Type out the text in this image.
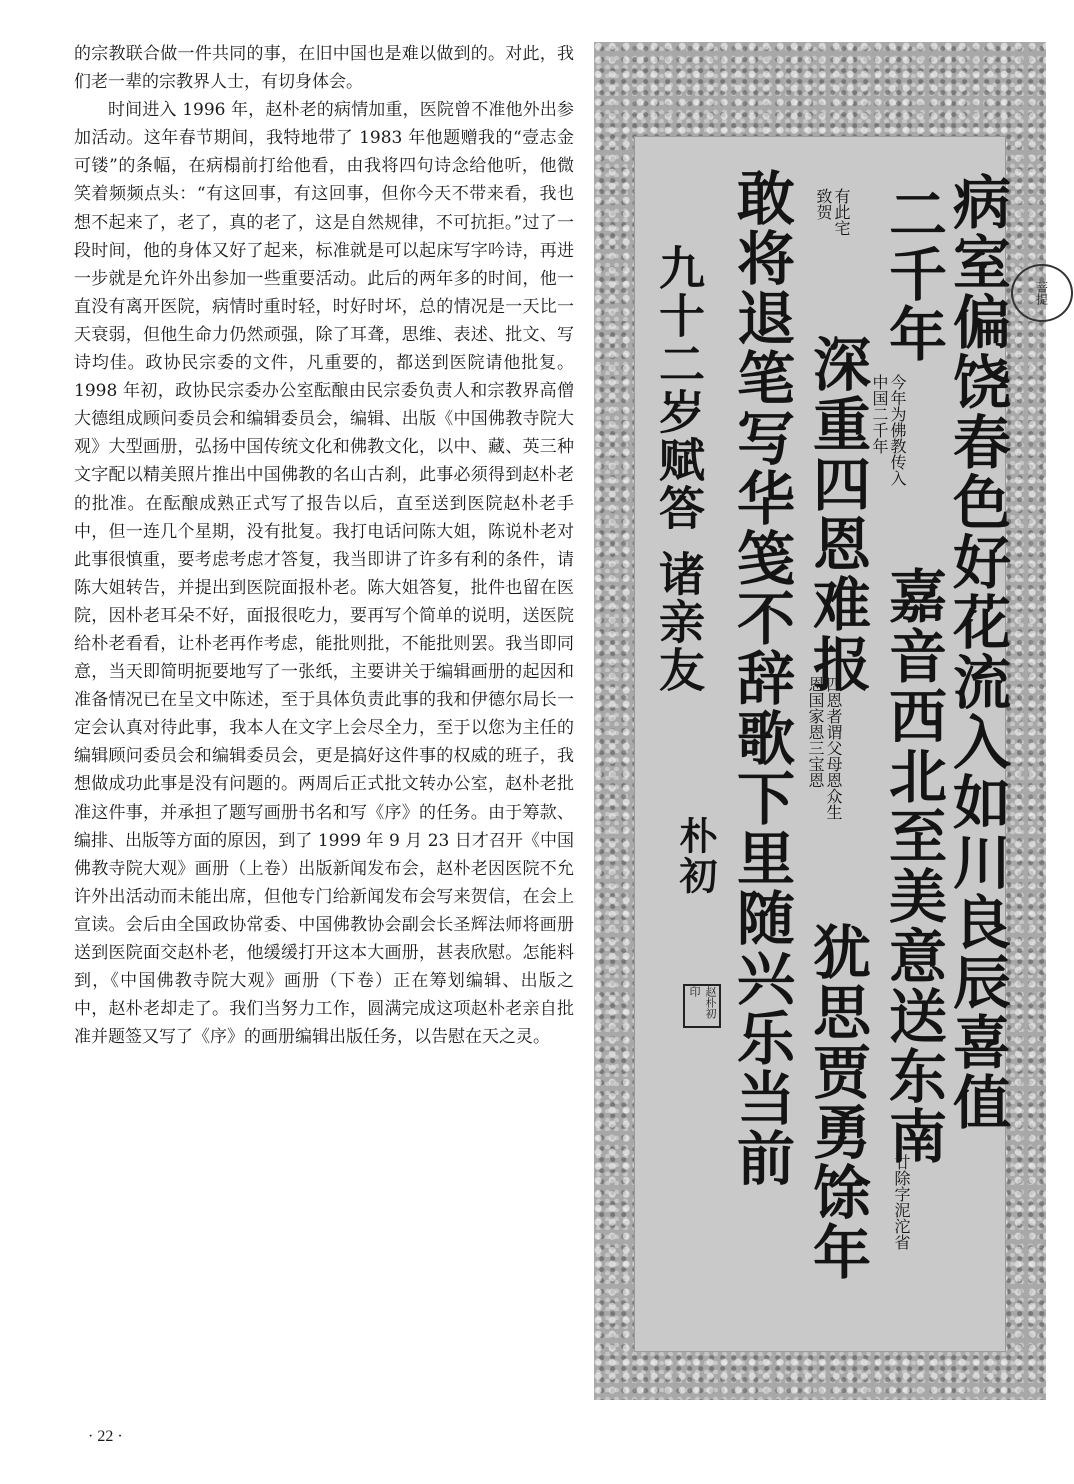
的宗教联合做一件共同的事，在旧中国也是难以做到的。对此，我们老一辈的宗教界人士，有切身体会。

时间进入 1996 年，赵朴老的病情加重，医院曾不准他外出参加活动。这年春节期间，我特地带了 1983 年他题赠我的“壹志金可镂”的条幅，在病榻前打给他看，由我将四句诗念给他听，他微笑着频频点头：“有这回事，有这回事，但你今天不带来看，我也想不起来了，老了，真的老了，这是自然规律，不可抗拒。”过了一段时间，他的身体又好了起来，标准就是可以起床写字吟诗，再进一步就是允许外出参加一些重要活动。此后的两年多的时间，他一直没有离开医院，病情时重时轻，时好时坏，总的情况是一天比一天衰弱，但他生命力仍然顽强，除了耳聋，思维、表述、批文、写诗均佳。政协民宗委的文件，凡重要的，都送到医院请他批复。1998 年初，政协民宗委办公室酝酿由民宗委负责人和宗教界高僧大德组成顾问委员会和编辑委员会，编辑、出版《中国佛教寺院大观》大型画册，弘扬中国传统文化和佛教文化，以中、藏、英三种文字配以精美照片推出中国佛教的名山古刹，此事必须得到赵朴老的批准。在酝酿成熟正式写了报告以后，直至送到医院赵朴老手中，但一连几个星期，没有批复。我打电话问陈大姐，陈说朴老对此事很慎重，要考虑考虑才答复，我当即讲了许多有利的条件，请陈大姐转告，并提出到医院面报朴老。陈大姐答复，批件也留在医院，因朴老耳朵不好，面报很吃力，要再写个简单的说明，送医院给朴老看看，让朴老再作考虑，能批则批，不能批则罢。我当即同意，当天即简明扼要地写了一张纸，主要讲关于编辑画册的起因和准备情况已在呈文中陈述，至于具体负责此事的我和伊德尔局长一定会认真对待此事，我本人在文字上会尽全力，至于以您为主任的编辑顾问委员会和编辑委员会，更是搞好这件事的权威的班子，我想做成功此事是没有问题的。两周后正式批文转办公室，赵朴老批准这件事，并承担了题写画册书名和写《序》的任务。由于筹款、编排、出版等方面的原因，到了 1999 年 9 月 23 日才召开《中国佛教寺院大观》画册（上卷）出版新闻发布会，赵朴老因医院不允许外出活动而未能出席，但他专门给新闻发布会写来贺信，在会上宣读。会后由全国政协常委、中国佛教协会副会长圣辉法师将画册送到医院面交赵朴老，他缓缓打开这本大画册，甚表欣慰。怎能料到，《中国佛教寺院大观》画册（下卷）正在筹划编辑、出版之中，赵朴老却走了。我们当努力工作，圆满完成这项赵朴老亲自批准并题签又写了《序》的画册编辑出版任务，以告慰在天之灵。

· 22 ·
病室偏饶春色好花流入如川良辰喜值
二千年
今年为佛教传入中国二千年
嘉音西北至美意送东南
廿除字泥沱省
深重四恩难报
四恩者谓父母恩众生恩国家恩三宝恩
犹思贾勇馀年
敢将退笔写华笺不辞歌下里随兴乐当前	有此宅 致贺
九十二岁赋答 诸亲友
朴初
菩提
赵朴初印
